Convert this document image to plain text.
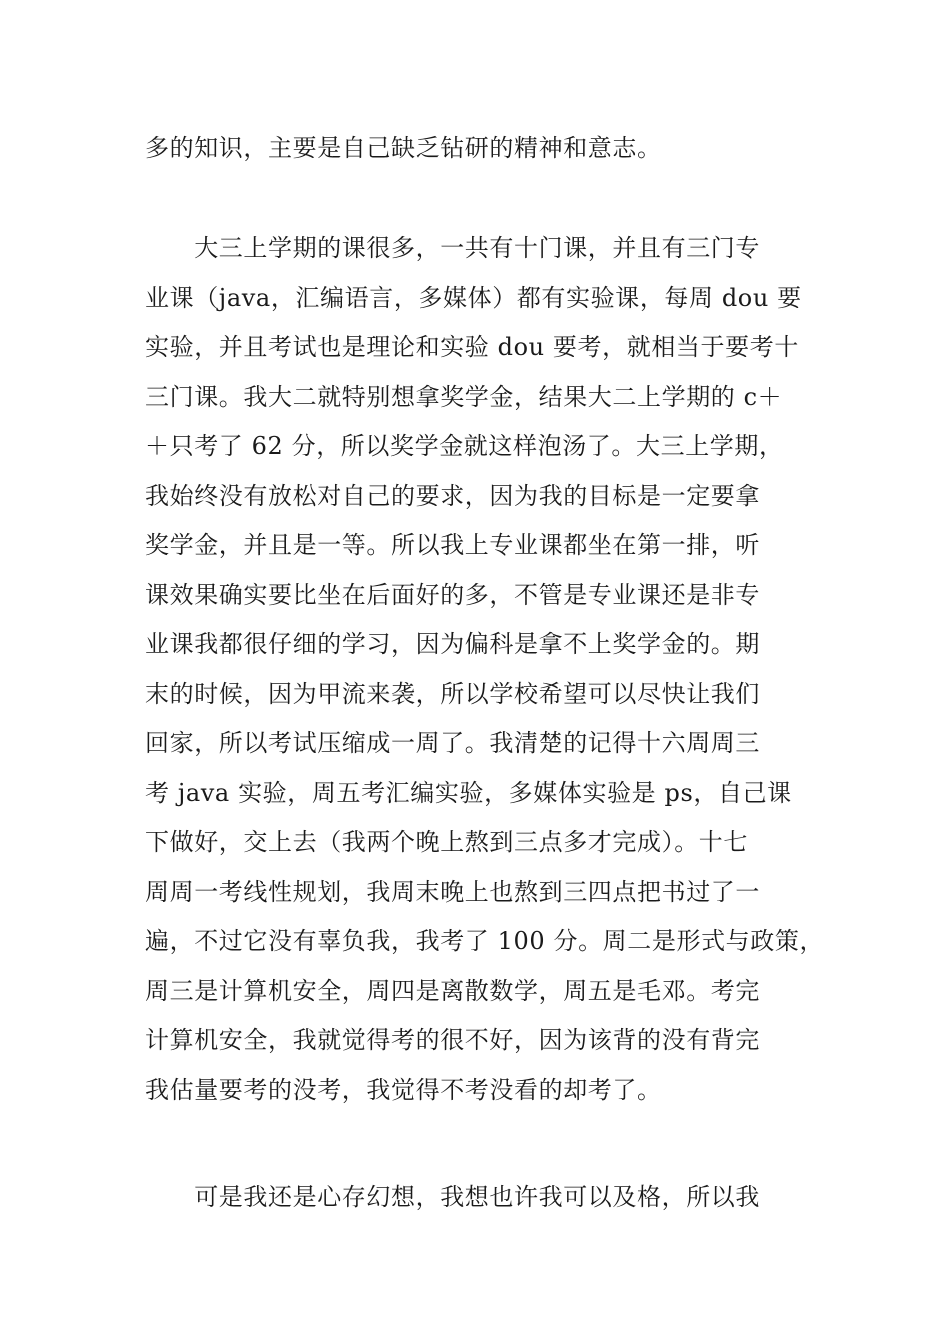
多的知识，主要是自己缺乏钻研的精神和意志。
　　大三上学期的课很多，一共有十门课，并且有三门专
业课（java，汇编语言，多媒体）都有实验课，每周 dou 要
实验，并且考试也是理论和实验 dou 要考，就相当于要考十
三门课。我大二就特别想拿奖学金，结果大二上学期的 c＋
＋只考了 62 分，所以奖学金就这样泡汤了。大三上学期，
我始终没有放松对自己的要求，因为我的目标是一定要拿
奖学金，并且是一等。所以我上专业课都坐在第一排，听
课效果确实要比坐在后面好的多，不管是专业课还是非专
业课我都很仔细的学习，因为偏科是拿不上奖学金的。期
末的时候，因为甲流来袭，所以学校希望可以尽快让我们
回家，所以考试压缩成一周了。我清楚的记得十六周周三
考 java 实验，周五考汇编实验，多媒体实验是 ps，自己课
下做好，交上去（我两个晚上熬到三点多才完成）。十七
周周一考线性规划，我周末晚上也熬到三四点把书过了一
遍，不过它没有辜负我，我考了 100 分。周二是形式与政策，
周三是计算机安全，周四是离散数学，周五是毛邓。考完
计算机安全，我就觉得考的很不好，因为该背的没有背完
我估量要考的没考，我觉得不考没看的却考了。
　　可是我还是心存幻想，我想也许我可以及格，所以我
